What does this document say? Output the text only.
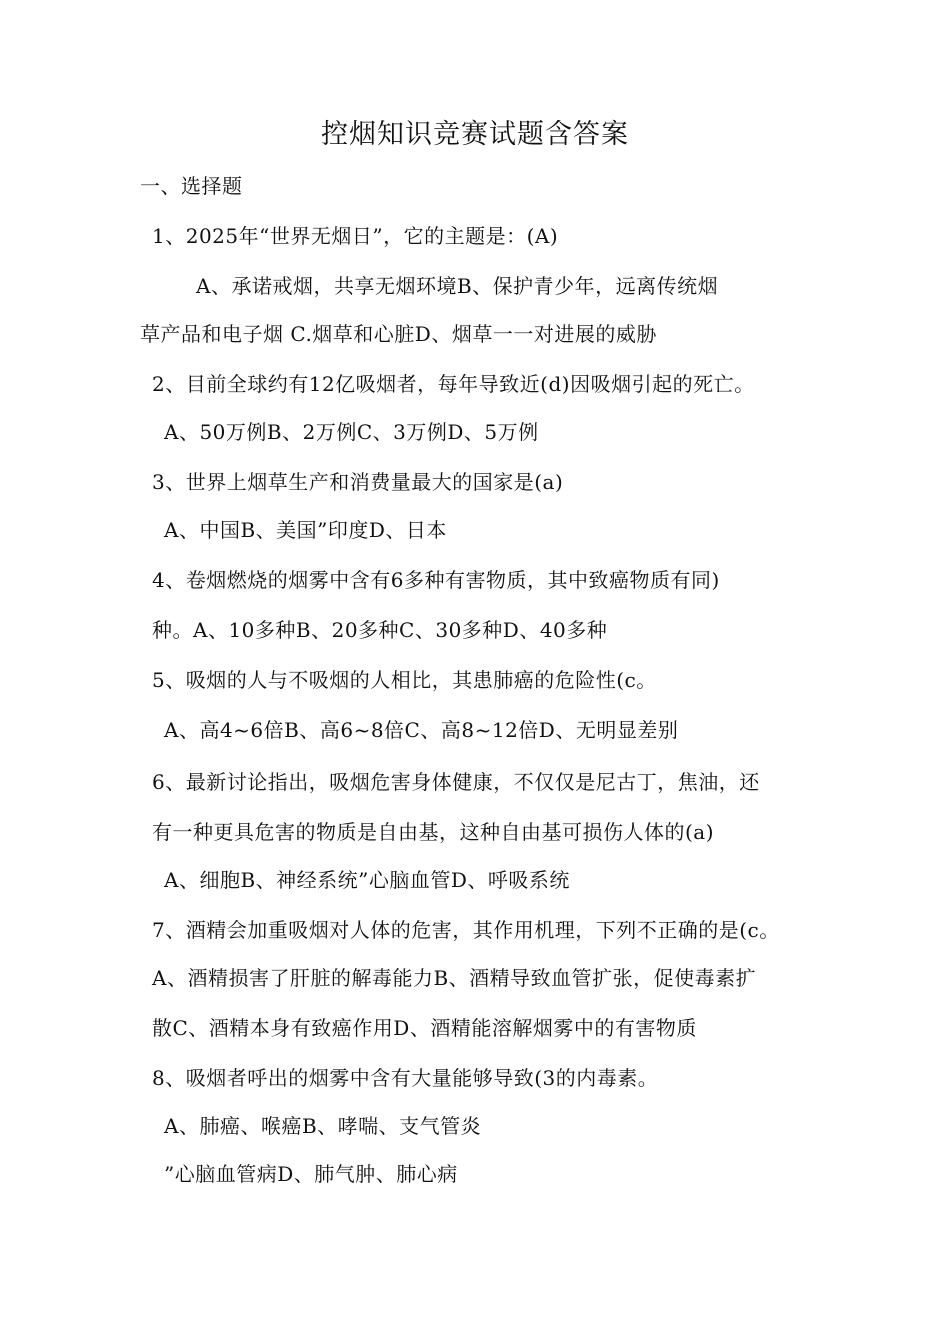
控烟知识竞赛试题含答案
一、选择题
1、2025年“世界无烟日”，它的主题是：(A)
A、承诺戒烟，共享无烟环境B、保护青少年，远离传统烟
草产品和电子烟 C.烟草和心脏D、烟草一一对进展的威胁
2、目前全球约有12亿吸烟者，每年导致近(d)因吸烟引起的死亡。
A、50万例B、2万例C、3万例D、5万例
3、世界上烟草生产和消费量最大的国家是(a)
A、中国B、美国”印度D、日本
4、卷烟燃烧的烟雾中含有6多种有害物质，其中致癌物质有同)
种。A、10多种B、20多种C、30多种D、40多种
5、吸烟的人与不吸烟的人相比，其患肺癌的危险性(c。
A、高4~6倍B、高6~8倍C、高8~12倍D、无明显差别
6、最新讨论指出，吸烟危害身体健康，不仅仅是尼古丁，焦油，还
有一种更具危害的物质是自由基，这种自由基可损伤人体的(a)
A、细胞B、神经系统”心脑血管D、呼吸系统
7、酒精会加重吸烟对人体的危害，其作用机理，下列不正确的是(c。
A、酒精损害了肝脏的解毒能力B、酒精导致血管扩张，促使毒素扩
散C、酒精本身有致癌作用D、酒精能溶解烟雾中的有害物质
8、吸烟者呼出的烟雾中含有大量能够导致(3的内毒素。
A、肺癌、喉癌B、哮喘、支气管炎
”心脑血管病D、肺气肿、肺心病
